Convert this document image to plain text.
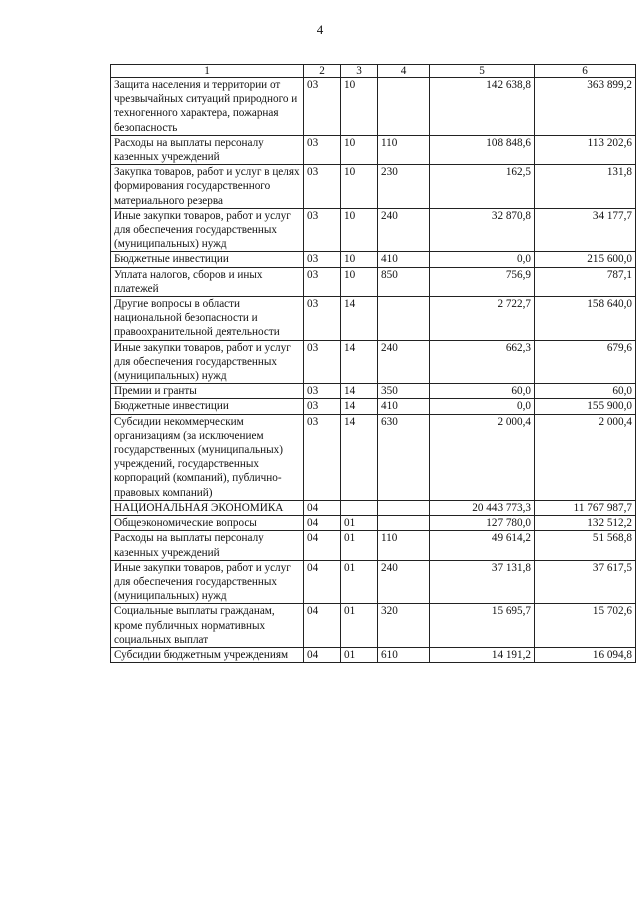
4
1	2	3	4	5	6
Защита населения и территории от чрезвычайных ситуаций природного и техногенного характера, пожарная безопасность	03	10		142 638,8	363 899,2
Расходы на выплаты персоналу казенных учреждений	03	10	110	108 848,6	113 202,6
Закупка товаров, работ и услуг в целях формирования государственного материального резерва	03	10	230	162,5	131,8
Иные закупки товаров, работ и услуг для обеспечения государственных (муниципальных) нужд	03	10	240	32 870,8	34 177,7
Бюджетные инвестиции	03	10	410	0,0	215 600,0
Уплата налогов, сборов и иных платежей	03	10	850	756,9	787,1
Другие вопросы в области национальной безопасности и правоохранительной деятельности	03	14		2 722,7	158 640,0
Иные закупки товаров, работ и услуг для обеспечения государственных (муниципальных) нужд	03	14	240	662,3	679,6
Премии и гранты	03	14	350	60,0	60,0
Бюджетные инвестиции	03	14	410	0,0	155 900,0
Субсидии некоммерческим организациям (за исключением государственных (муниципальных) учреждений, государственных корпораций (компаний), публично-правовых компаний)	03	14	630	2 000,4	2 000,4
НАЦИОНАЛЬНАЯ ЭКОНОМИКА	04			20 443 773,3	11 767 987,7
Общеэкономические вопросы	04	01		127 780,0	132 512,2
Расходы на выплаты персоналу казенных учреждений	04	01	110	49 614,2	51 568,8
Иные закупки товаров, работ и услуг для обеспечения государственных (муниципальных) нужд	04	01	240	37 131,8	37 617,5
Социальные выплаты гражданам, кроме публичных нормативных социальных выплат	04	01	320	15 695,7	15 702,6
Субсидии бюджетным учреждениям	04	01	610	14 191,2	16 094,8
